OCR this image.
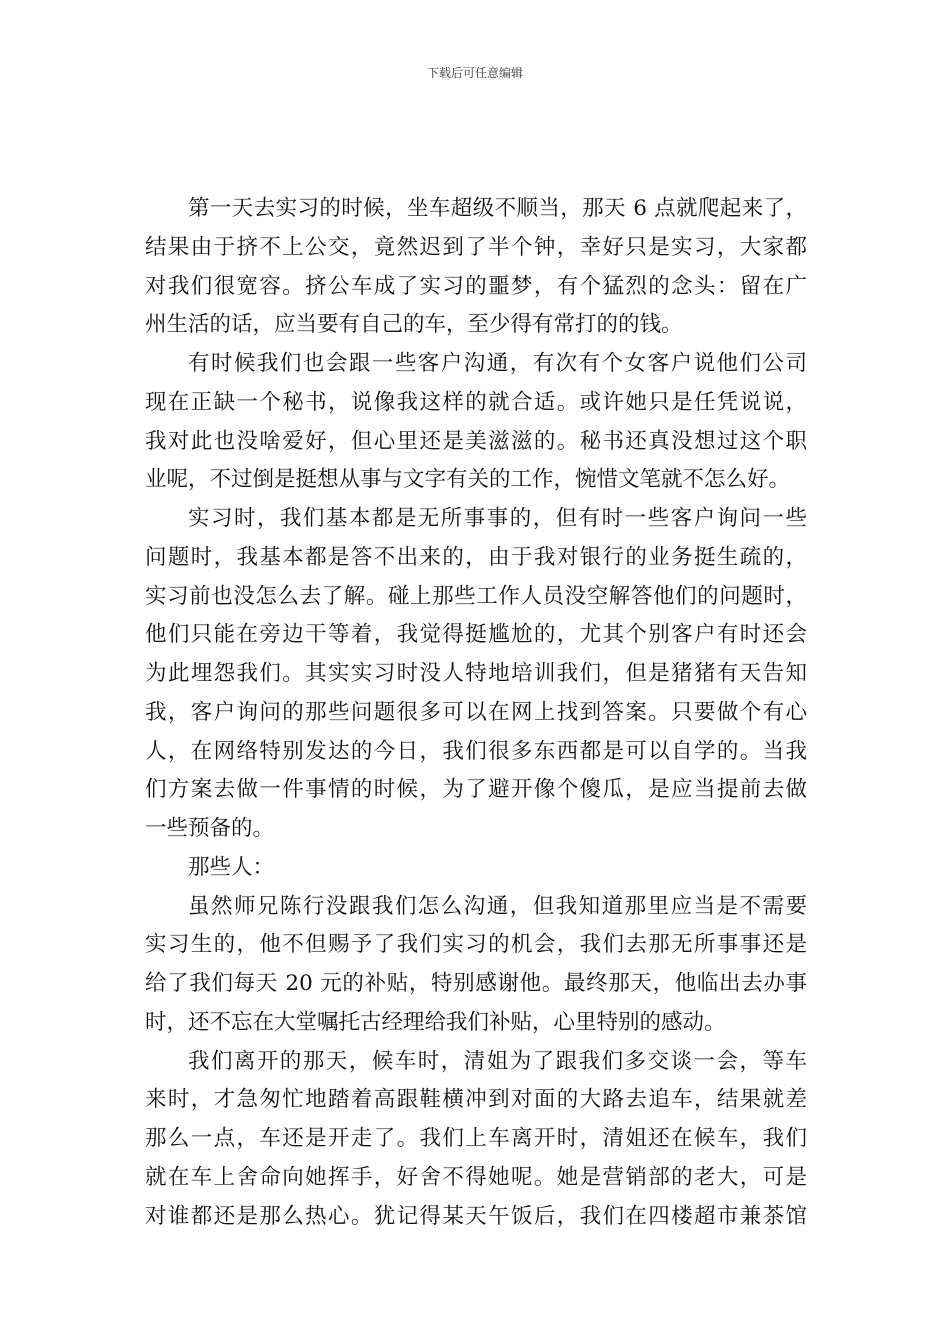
下载后可任意编辑
第一天去实习的时候，坐车超级不顺当，那天 6 点就爬起来了，
结果由于挤不上公交，竟然迟到了半个钟，幸好只是实习，大家都
对我们很宽容。挤公车成了实习的噩梦，有个猛烈的念头：留在广
州生活的话，应当要有自己的车，至少得有常打的的钱。
有时候我们也会跟一些客户沟通，有次有个女客户说他们公司
现在正缺一个秘书，说像我这样的就合适。或许她只是任凭说说，
我对此也没啥爱好，但心里还是美滋滋的。秘书还真没想过这个职
业呢，不过倒是挺想从事与文字有关的工作，惋惜文笔就不怎么好。
实习时，我们基本都是无所事事的，但有时一些客户询问一些
问题时，我基本都是答不出来的，由于我对银行的业务挺生疏的，
实习前也没怎么去了解。碰上那些工作人员没空解答他们的问题时，
他们只能在旁边干等着，我觉得挺尴尬的，尤其个别客户有时还会
为此埋怨我们。其实实习时没人特地培训我们，但是猪猪有天告知
我，客户询问的那些问题很多可以在网上找到答案。只要做个有心
人，在网络特别发达的今日，我们很多东西都是可以自学的。当我
们方案去做一件事情的时候，为了避开像个傻瓜，是应当提前去做
一些预备的。
那些人：
虽然师兄陈行没跟我们怎么沟通，但我知道那里应当是不需要
实习生的，他不但赐予了我们实习的机会，我们去那无所事事还是
给了我们每天 20 元的补贴，特别感谢他。最终那天，他临出去办事
时，还不忘在大堂嘱托古经理给我们补贴，心里特别的感动。
我们离开的那天，候车时，清姐为了跟我们多交谈一会，等车
来时，才急匆忙地踏着高跟鞋横冲到对面的大路去追车，结果就差
那么一点，车还是开走了。我们上车离开时，清姐还在候车，我们
就在车上舍命向她挥手，好舍不得她呢。她是营销部的老大，可是
对谁都还是那么热心。犹记得某天午饭后，我们在四楼超市兼茶馆
